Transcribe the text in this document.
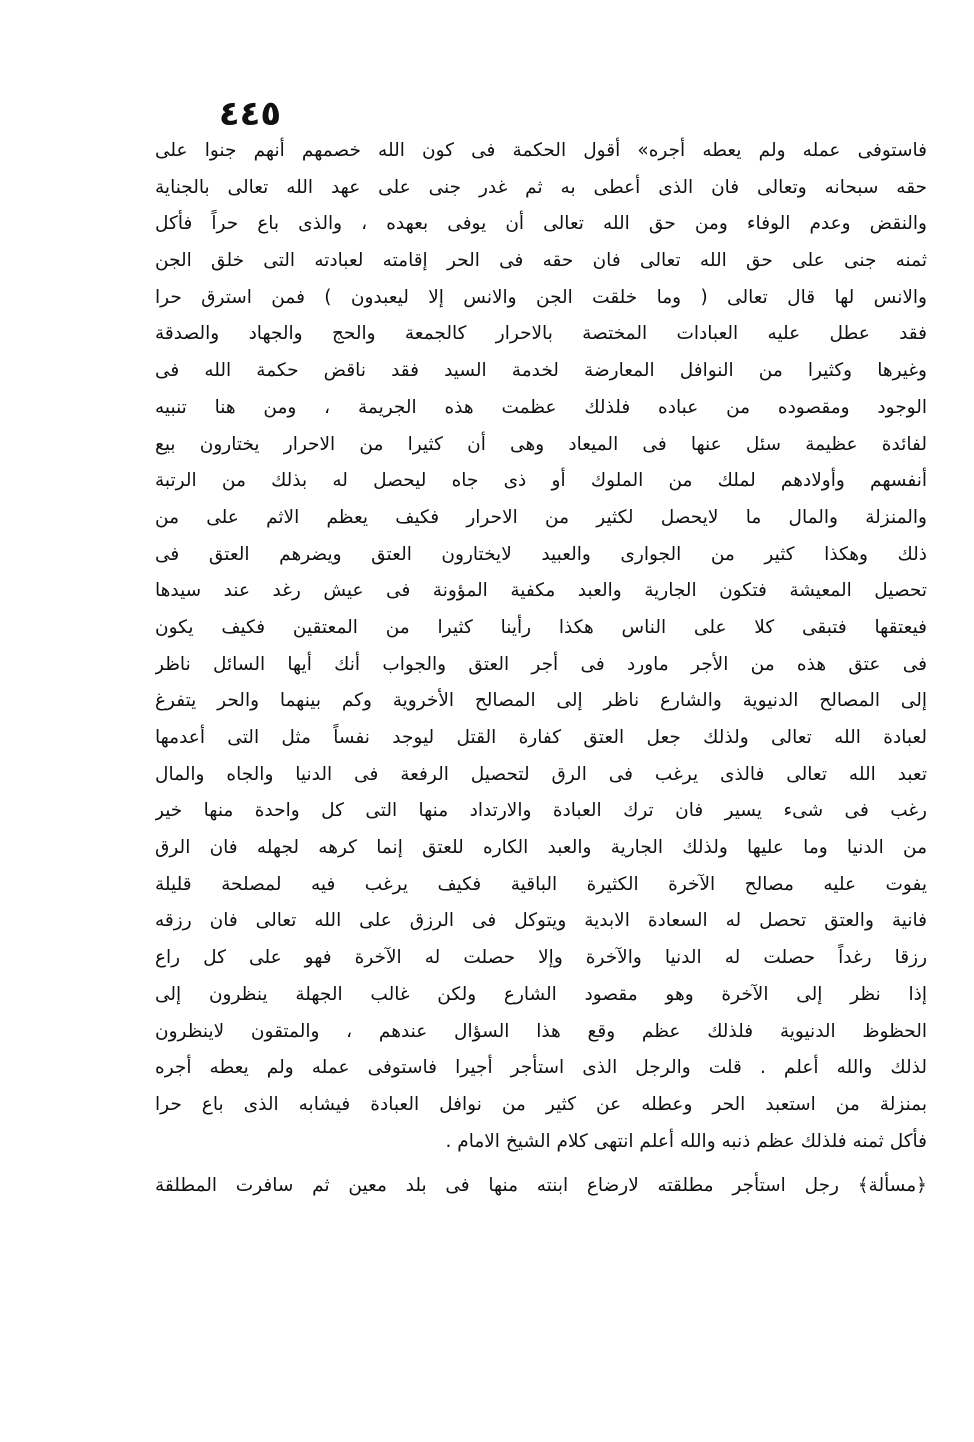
٤٤٥
فاستوفى عمله ولم يعطه أجره» أقول الحكمة فى كون الله خصمهم أنهم جنوا على
حقه سبحانه وتعالى فان الذى أعطى به ثم غدر جنى على عهد الله تعالى بالجناية
والنقض وعدم الوفاء ومن حق الله تعالى أن يوفى بعهده ، والذى باع حراً فأكل
ثمنه جنى على حق الله تعالى فان حقه فى الحر إقامته لعبادته التى خلق الجن
والانس لها قال تعالى ( وما خلقت الجن والانس إلا ليعبدون ) فمن استرق حرا
فقد عطل عليه العبادات المختصة بالاحرار كالجمعة والحج والجهاد والصدقة
وغيرها وكثيرا من النوافل المعارضة لخدمة السيد فقد ناقض حكمة الله فى
الوجود ومقصوده من عباده فلذلك عظمت هذه الجريمة ، ومن هنا تنبيه
لفائدة عظيمة سئل عنها فى الميعاد وهى أن كثيرا من الاحرار يختارون بيع
أنفسهم وأولادهم لملك من الملوك أو ذى جاه ليحصل له بذلك من الرتبة
والمنزلة والمال ما لايحصل لكثير من الاحرار فكيف يعظم الاثم على من
ذلك وهكذا كثير من الجوارى والعبيد لايختارون العتق ويضرهم العتق فى
تحصيل المعيشة فتكون الجارية والعبد مكفية المؤونة فى عيش رغد عند سيدها
فيعتقها فتبقى كلا على الناس هكذا رأينا كثيرا من المعتقين فكيف يكون
فى عتق هذه من الأجر ماورد فى أجر العتق والجواب أنك أيها السائل ناظر
إلى المصالح الدنيوية والشارع ناظر إلى المصالح الأخروية وكم بينهما والحر يتفرغ
لعبادة الله تعالى ولذلك جعل العتق كفارة القتل ليوجد نفساً مثل التى أعدمها
تعبد الله تعالى فالذى يرغب فى الرق لتحصيل الرفعة فى الدنيا والجاه والمال
رغب فى شىء يسير فان ترك العبادة والارتداد منها التى كل واحدة منها خير
من الدنيا وما عليها ولذلك الجارية والعبد الكاره للعتق إنما كرهه لجهله فان الرق
يفوت عليه مصالح الآخرة الكثيرة الباقية فكيف يرغب فيه لمصلحة قليلة
فانية والعتق تحصل له السعادة الابدية ويتوكل فى الرزق على الله تعالى فان رزقه
رزقا رغداً حصلت له الدنيا والآخرة وإلا حصلت له الآخرة فهو على كل راع
إذا نظر إلى الآخرة وهو مقصود الشارع ولكن غالب الجهلة ينظرون إلى
الحظوظ الدنيوية فلذلك عظم وقع هذا السؤال عندهم ، والمتقون لاينظرون
لذلك والله أعلم . قلت والرجل الذى استأجر أجيرا فاستوفى عمله ولم يعطه أجره
بمنزلة من استعبد الحر وعطله عن كثير من نوافل العبادة فيشابه الذى باع حرا
فأكل ثمنه فلذلك عظم ذنبه والله أعلم انتهى كلام الشيخ الامام .
﴿مسألة﴾ رجل استأجر مطلقته لارضاع ابنته منها فى بلد معين ثم سافرت المطلقة
